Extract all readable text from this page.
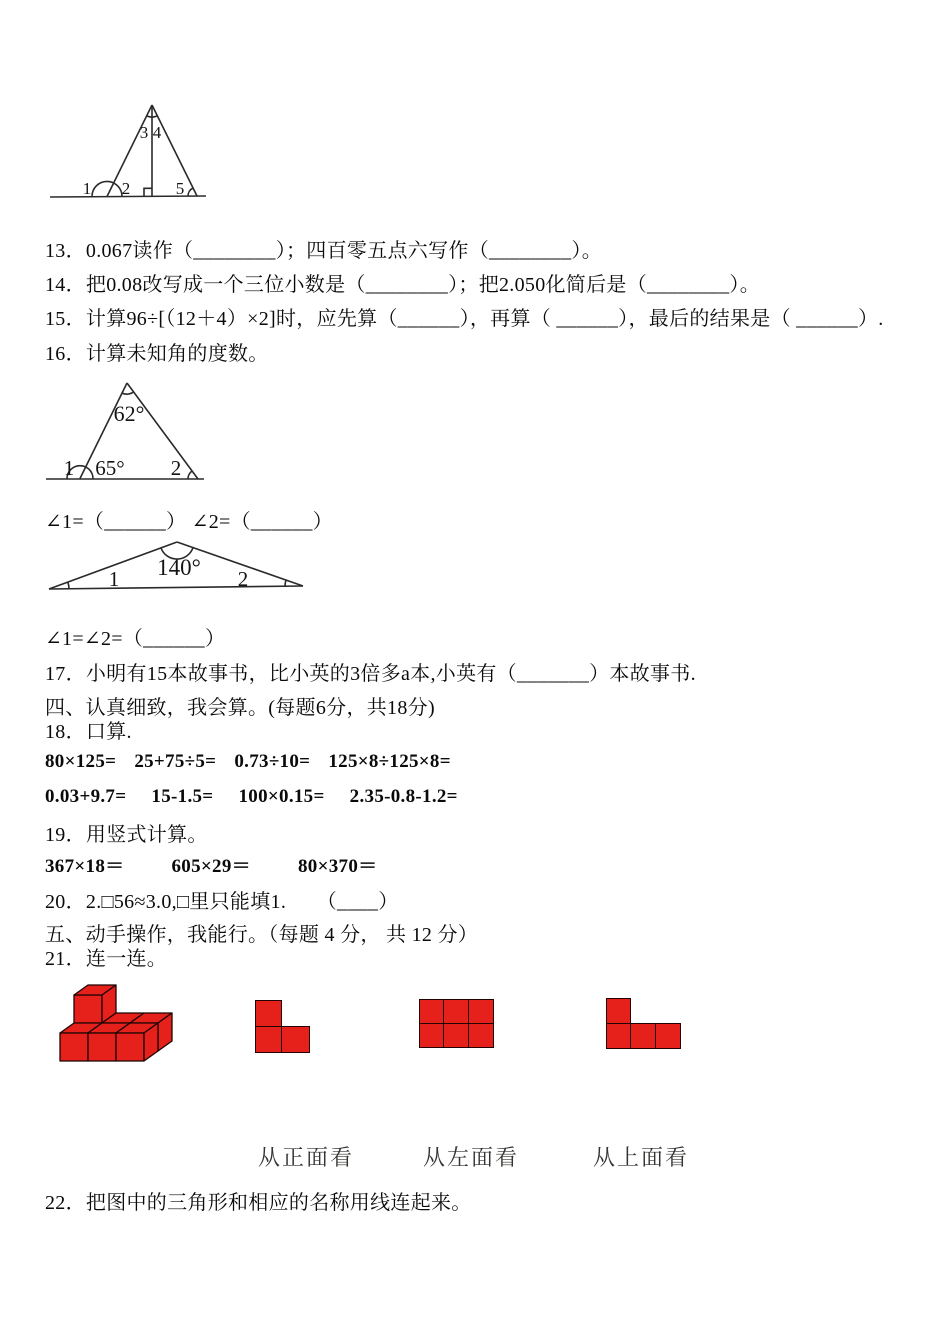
1 2
3 4
5
13．0.067读作（________）；四百零五点六写作（________）。
14．把0.08改写成一个三位小数是（________）；把2.050化简后是（________）。
15．计算96÷[（12＋4）×2]时，应先算（______），再算（ ______），最后的结果是（ ______）.
16．计算未知角的度数。
62°
1 65° 2
∠1=（______） ∠2=（______）
140°
1	2
∠1=∠2=（______）
17．小明有15本故事书，比小英的3倍多a本,小英有（_______）本故事书.
四、认真细致，我会算。(每题6分，共18分)
18．口算.
80×125= 25+75÷5= 0.73÷10= 125×8÷125×8=
0.03+9.7= 15-1.5= 100×0.15= 2.35-0.8-1.2=
19．用竖式计算。
367×18＝ 605×29＝ 80×370＝
20．2.□56≈3.0,□里只能填1.　　（____）
五、动手操作，我能行。（每题 4 分， 共 12 分）
21．连一连。
从正面看	从左面看	从上面看
22．把图中的三角形和相应的名称用线连起来。
